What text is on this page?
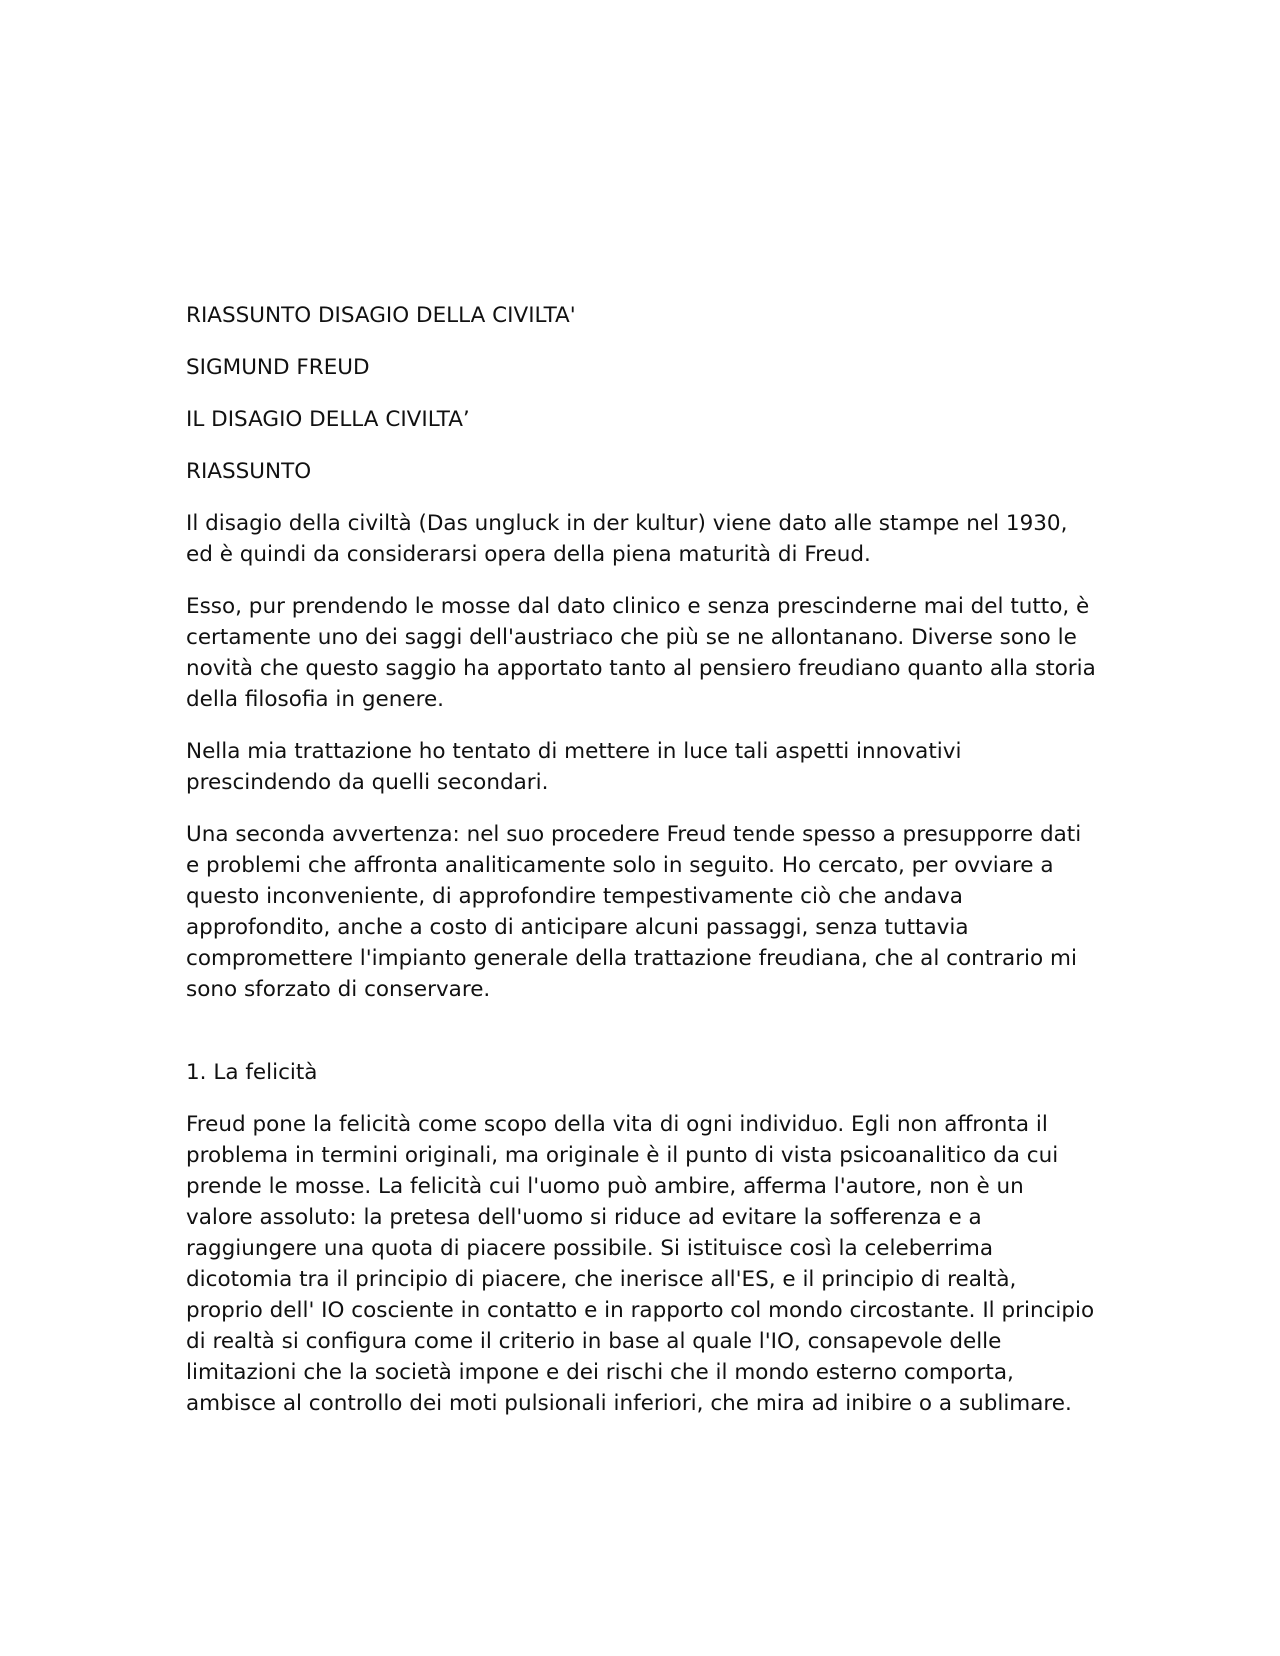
RIASSUNTO DISAGIO DELLA CIVILTA'

SIGMUND FREUD

IL DISAGIO DELLA CIVILTA’

RIASSUNTO

Il disagio della civiltà (Das ungluck in der kultur) viene dato alle stampe nel 1930, ed è quindi da considerarsi opera della piena maturità di Freud.

Esso, pur prendendo le mosse dal dato clinico e senza prescinderne mai del tutto, è certamente uno dei saggi dell'austriaco che più se ne allontanano. Diverse sono le novità che questo saggio ha apportato tanto al pensiero freudiano quanto alla storia della filosofia in genere.

Nella mia trattazione ho tentato di mettere in luce tali aspetti innovativi prescindendo da quelli secondari.

Una seconda avvertenza: nel suo procedere Freud tende spesso a presupporre dati e problemi che affronta analiticamente solo in seguito. Ho cercato, per ovviare a questo inconveniente, di approfondire tempestivamente ciò che andava approfondito, anche a costo di anticipare alcuni passaggi, senza tuttavia compromettere l'impianto generale della trattazione freudiana, che al contrario mi sono sforzato di conservare.

1. La felicità

Freud pone la felicità come scopo della vita di ogni individuo. Egli non affronta il problema in termini originali, ma originale è il punto di vista psicoanalitico da cui prende le mosse. La felicità cui l'uomo può ambire, afferma l'autore, non è un valore assoluto: la pretesa dell'uomo si riduce ad evitare la sofferenza e a raggiungere una quota di piacere possibile. Si istituisce così la celeberrima dicotomia tra il principio di piacere, che inerisce all'ES, e il principio di realtà, proprio dell' IO cosciente in contatto e in rapporto col mondo circostante. Il principio di realtà si configura come il criterio in base al quale l'IO, consapevole delle limitazioni che la società impone e dei rischi che il mondo esterno comporta, ambisce al controllo dei moti pulsionali inferiori, che mira ad inibire o a sublimare.
